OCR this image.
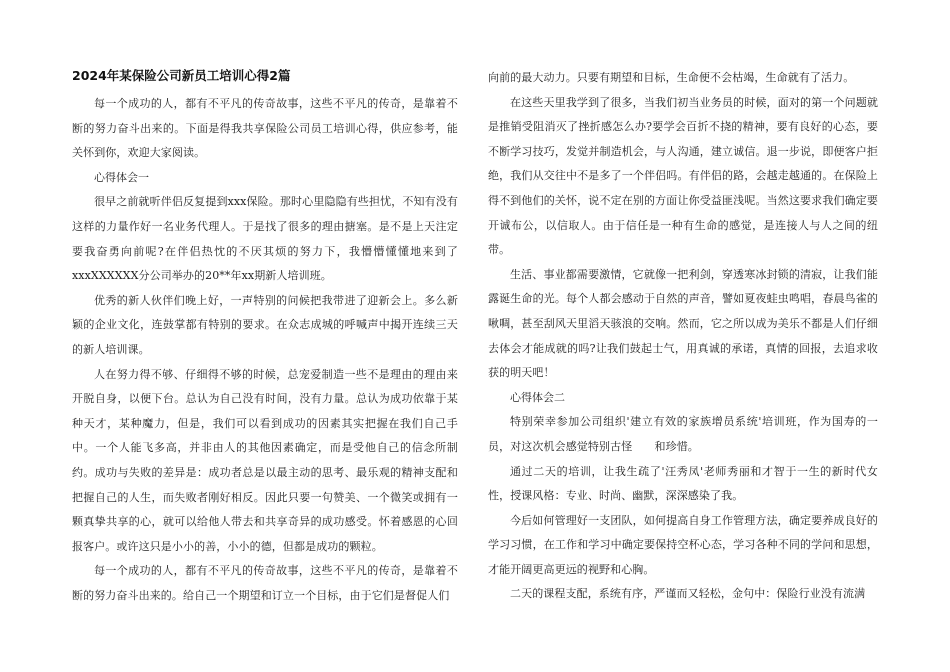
2024年某保险公司新员工培训心得2篇

每一个成功的人，都有不平凡的传奇故事，这些不平凡的传奇，是靠着不断的努力奋斗出来的。下面是得我共享保险公司员工培训心得，供应参考，能关怀到你，欢迎大家阅读。

心得体会一

很早之前就听伴侣反复提到xxx保险。那时心里隐隐有些担忧，不知有没有这样的力量作好一名业务代理人。于是找了很多的理由搪塞。是不是上天注定要我奋勇向前呢?在伴侣热忱的不厌其烦的努力下，我懵懵懂懂地来到了xxxXXXXXX分公司举办的20**年xx期新人培训班。

优秀的新人伙伴们晚上好，一声特别的问候把我带进了迎新会上。多么新颖的企业文化，连鼓掌都有特别的要求。在众志成城的呼喊声中揭开连续三天的新人培训课。

人在努力得不够、仔细得不够的时候，总宠爱制造一些不是理由的理由来开脱自身，以便下台。总认为自己没有时间，没有力量。总认为成功依靠于某种天才，某种魔力，但是，我们可以看到成功的因素其实把握在我们自己手中。一个人能飞多高，并非由人的其他因素确定，而是受他自己的信念所制约。成功与失败的差异是：成功者总是以最主动的思考、最乐观的精神支配和把握自己的人生，而失败者刚好相反。因此只要一句赞美、一个微笑或拥有一颗真挚共享的心，就可以给他人带去和共享奇异的成功感受。怀着感恩的心回报客户。或许这只是小小的善，小小的德，但都是成功的颗粒。

每一个成功的人，都有不平凡的传奇故事，这些不平凡的传奇，是靠着不断的努力奋斗出来的。给自己一个期望和订立一个目标，由于它们是督促人们

向前的最大动力。只要有期望和目标，生命便不会枯竭，生命就有了活力。

在这些天里我学到了很多，当我们初当业务员的时候，面对的第一个问题就是推销受阻消灭了挫折感怎么办?要学会百折不挠的精神，要有良好的心态，要不断学习技巧，发觉并制造机会，与人沟通，建立诚信。退一步说，即便客户拒绝，我们从交往中不是多了一个伴侣吗。有伴侣的路，会越走越通的。在保险上得不到他们的关怀，说不定在别的方面让你受益匪浅呢。当然这要求我们确定要开诚布公，以信取人。由于信任是一种有生命的感觉，是连接人与人之间的纽带。

生活、事业都需要激情，它就像一把利剑，穿透寒冰封锁的清寂，让我们能露诞生命的光。每个人都会感动于自然的声音，譬如夏夜蛙虫鸣唱，春晨鸟雀的啾啁，甚至刮风天里滔天骇浪的交响。然而，它之所以成为美乐不都是人们仔细去体会才能成就的吗?让我们鼓起士气，用真诚的承诺，真情的回报，去追求收获的明天吧！

心得体会二

特别荣幸参加公司组织'建立有效的家族增员系统'培训班，作为国寿的一员，对这次机会感觉特别古怪　　和珍惜。

通过二天的培训，让我生疏了'汪秀凤'老师秀丽和才智于一生的新时代女性，授课风格：专业、时尚、幽默，深深感染了我。

今后如何管理好一支团队，如何提高自身工作管理方法，确定要养成良好的学习习惯，在工作和学习中确定要保持空杯心态，学习各种不同的学问和思想，才能开阔更高更远的视野和心胸。

二天的课程支配，系统有序，严谨而又轻松，金句中：保险行业没有流满
